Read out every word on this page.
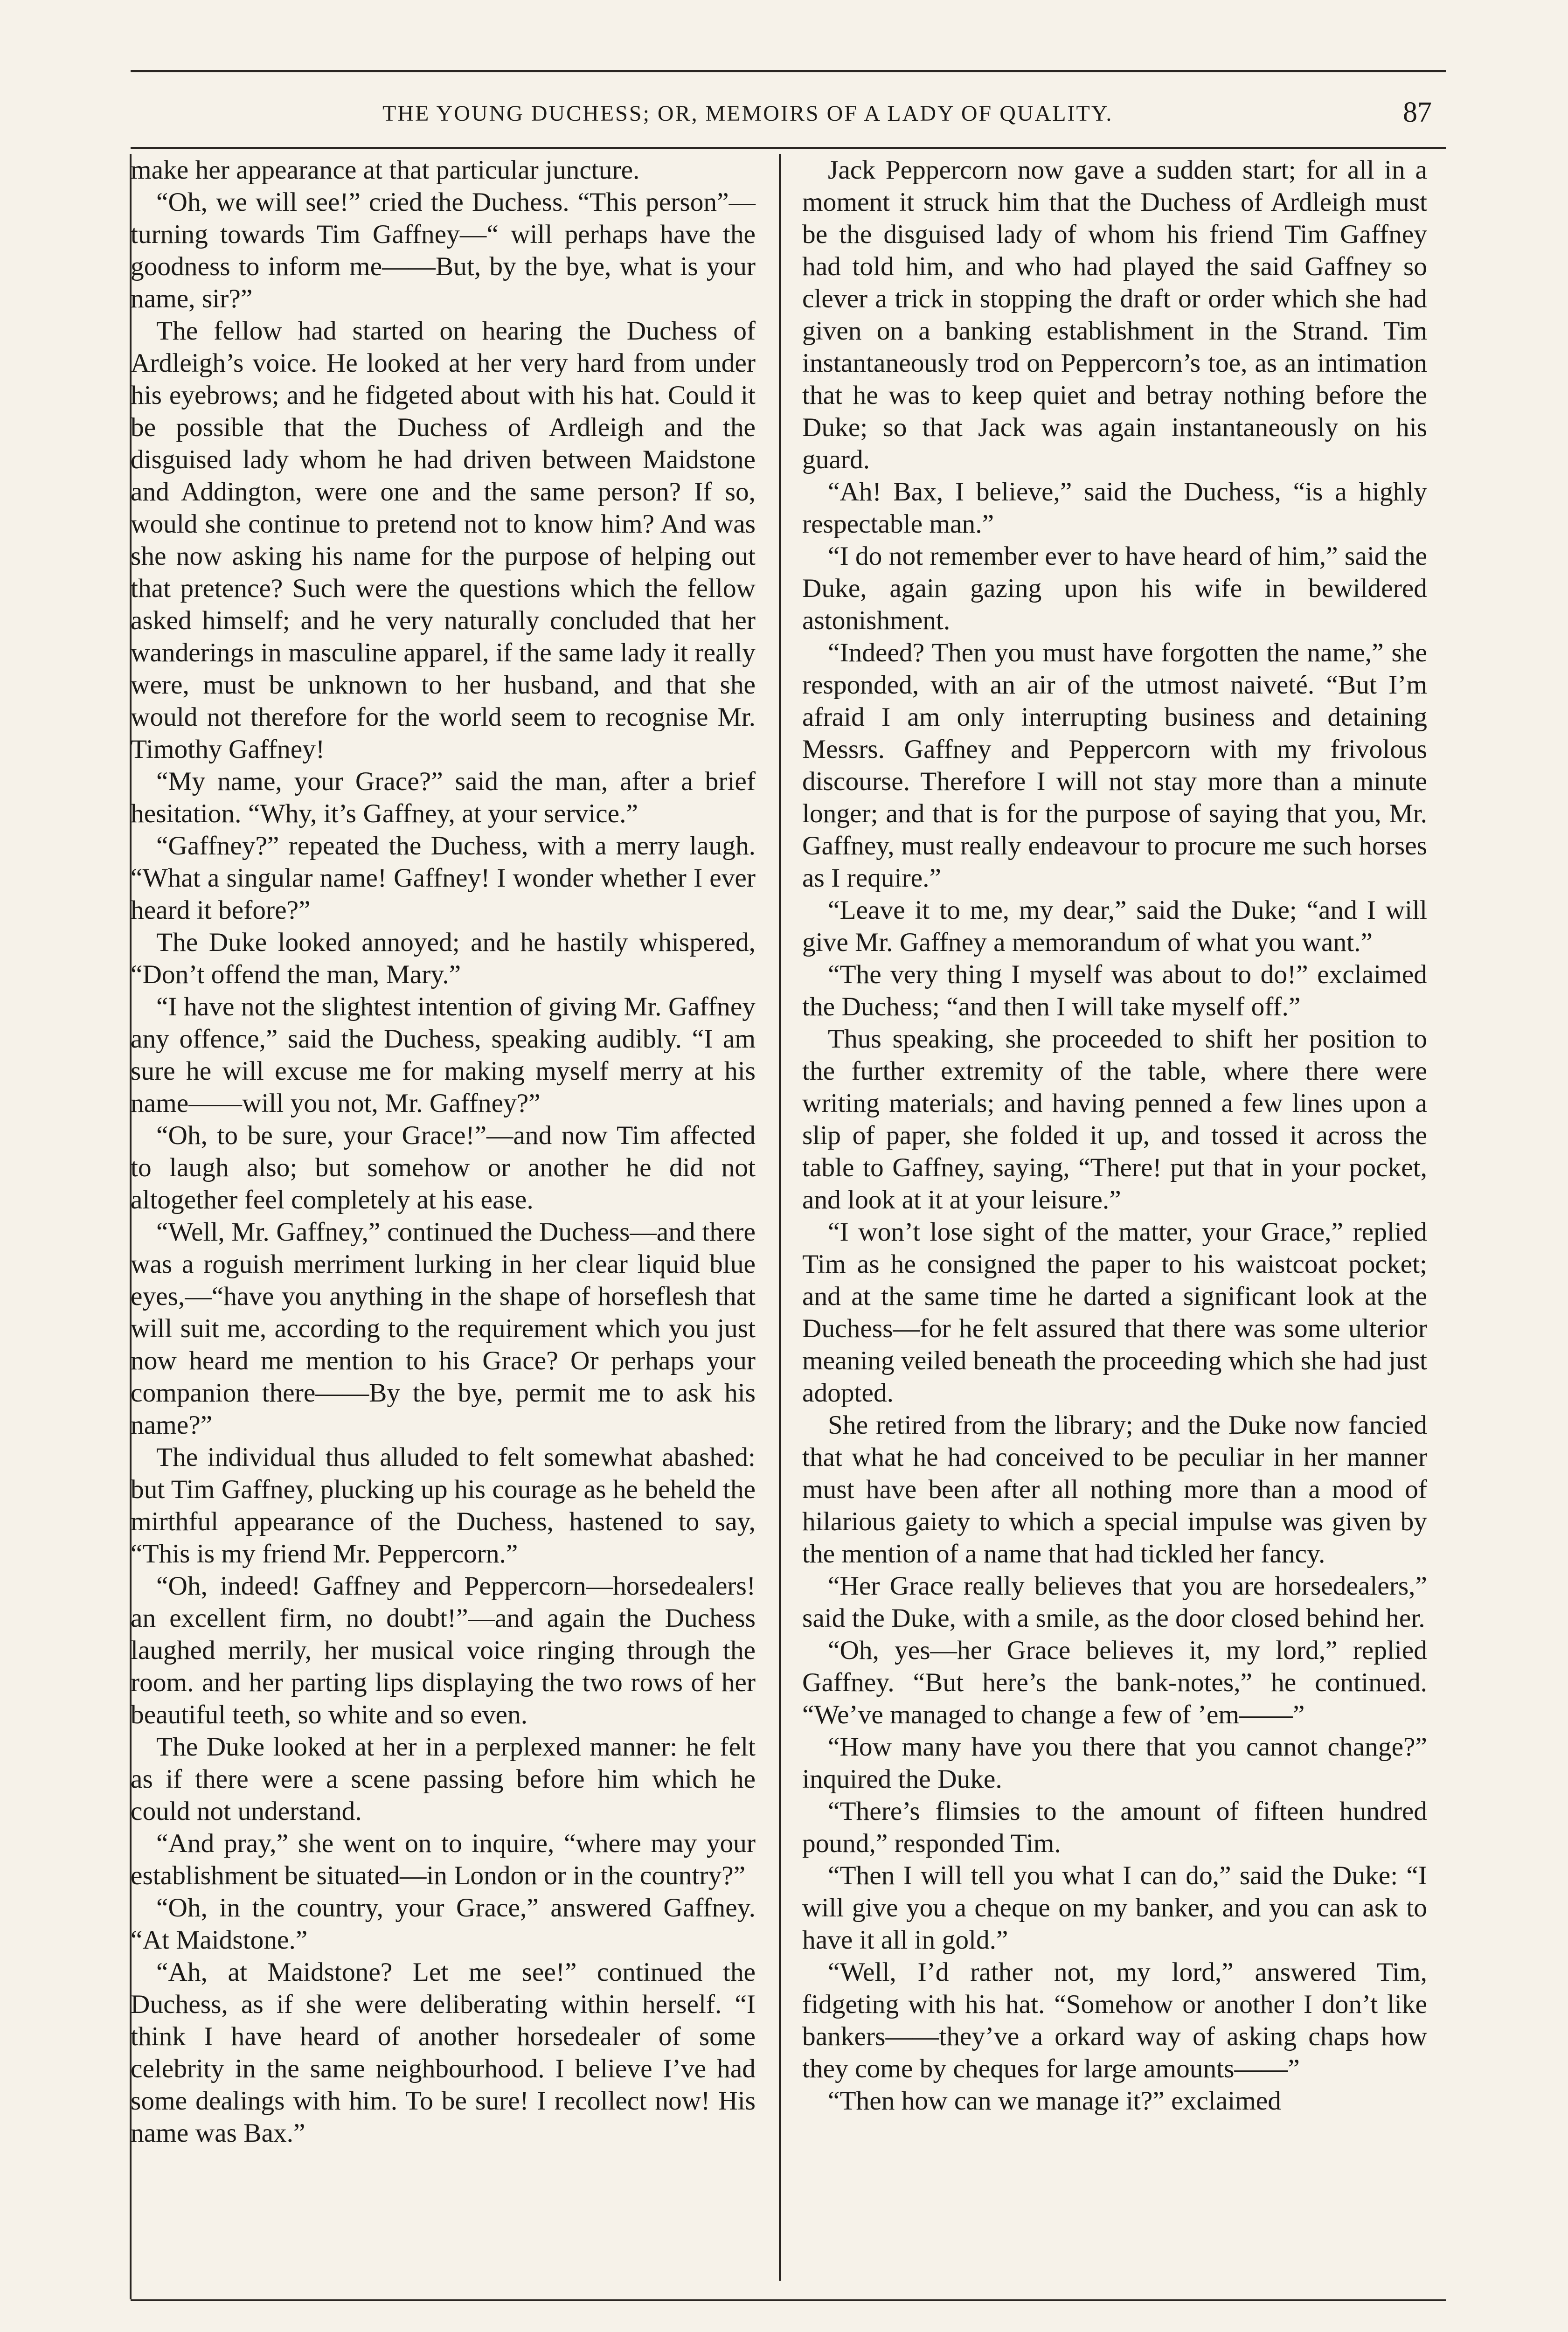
THE YOUNG DUCHESS; OR, MEMOIRS OF A LADY OF QUALITY.	87

make her appearance at that particular juncture.

“Oh, we will see!” cried the Duchess. “This person”—turning towards Tim Gaffney—“ will perhaps have the goodness to inform me——But, by the bye, what is your name, sir?”

The fellow had started on hearing the Duchess of Ardleigh’s voice. He looked at her very hard from under his eyebrows; and he fidgeted about with his hat. Could it be possible that the Duchess of Ardleigh and the disguised lady whom he had driven between Maidstone and Addington, were one and the same person? If so, would she continue to pretend not to know him? And was she now asking his name for the purpose of helping out that pretence? Such were the questions which the fellow asked himself; and he very naturally concluded that her wanderings in masculine apparel, if the same lady it really were, must be unknown to her husband, and that she would not therefore for the world seem to recognise Mr. Timothy Gaffney!

“My name, your Grace?” said the man, after a brief hesitation. “Why, it’s Gaffney, at your service.”

“Gaffney?” repeated the Duchess, with a merry laugh. “What a singular name! Gaffney! I wonder whether I ever heard it before?”

The Duke looked annoyed; and he hastily whispered, “Don’t offend the man, Mary.”

“I have not the slightest intention of giving Mr. Gaffney any offence,” said the Duchess, speaking audibly. “I am sure he will excuse me for making myself merry at his name——will you not, Mr. Gaffney?”

“Oh, to be sure, your Grace!”—and now Tim affected to laugh also; but somehow or another he did not altogether feel completely at his ease.

“Well, Mr. Gaffney,” continued the Duchess—and there was a roguish merriment lurking in her clear liquid blue eyes,—“have you anything in the shape of horseflesh that will suit me, according to the requirement which you just now heard me mention to his Grace? Or perhaps your companion there——By the bye, permit me to ask his name?”

The individual thus alluded to felt somewhat abashed: but Tim Gaffney, plucking up his courage as he beheld the mirthful appearance of the Duchess, hastened to say, “This is my friend Mr. Peppercorn.”

“Oh, indeed! Gaffney and Peppercorn—horsedealers! an excellent firm, no doubt!”—and again the Duchess laughed merrily, her musical voice ringing through the room. and her parting lips displaying the two rows of her beautiful teeth, so white and so even.

The Duke looked at her in a perplexed manner: he felt as if there were a scene passing before him which he could not understand.

“And pray,” she went on to inquire, “where may your establishment be situated—in London or in the country?”

“Oh, in the country, your Grace,” answered Gaffney. “At Maidstone.”

“Ah, at Maidstone? Let me see!” continued the Duchess, as if she were deliberating within herself. “I think I have heard of another horsedealer of some celebrity in the same neighbourhood. I believe I’ve had some dealings with him. To be sure! I recollect now! His name was Bax.”

Jack Peppercorn now gave a sudden start; for all in a moment it struck him that the Duchess of Ardleigh must be the disguised lady of whom his friend Tim Gaffney had told him, and who had played the said Gaffney so clever a trick in stopping the draft or order which she had given on a banking establishment in the Strand. Tim instantaneously trod on Peppercorn’s toe, as an intimation that he was to keep quiet and betray nothing before the Duke; so that Jack was again instantaneously on his guard.

“Ah! Bax, I believe,” said the Duchess, “is a highly respectable man.”

“I do not remember ever to have heard of him,” said the Duke, again gazing upon his wife in bewildered astonishment.

“Indeed? Then you must have forgotten the name,” she responded, with an air of the utmost naiveté. “But I’m afraid I am only interrupting business and detaining Messrs. Gaffney and Peppercorn with my frivolous discourse. Therefore I will not stay more than a minute longer; and that is for the purpose of saying that you, Mr. Gaffney, must really endeavour to procure me such horses as I require.”

“Leave it to me, my dear,” said the Duke; “and I will give Mr. Gaffney a memorandum of what you want.”

“The very thing I myself was about to do!” exclaimed the Duchess; “and then I will take myself off.”

Thus speaking, she proceeded to shift her position to the further extremity of the table, where there were writing materials; and having penned a few lines upon a slip of paper, she folded it up, and tossed it across the table to Gaffney, saying, “There! put that in your pocket, and look at it at your leisure.”

“I won’t lose sight of the matter, your Grace,” replied Tim as he consigned the paper to his waistcoat pocket; and at the same time he darted a significant look at the Duchess—for he felt assured that there was some ulterior meaning veiled beneath the proceeding which she had just adopted.

She retired from the library; and the Duke now fancied that what he had conceived to be peculiar in her manner must have been after all nothing more than a mood of hilarious gaiety to which a special impulse was given by the mention of a name that had tickled her fancy.

“Her Grace really believes that you are horsedealers,” said the Duke, with a smile, as the door closed behind her.

“Oh, yes—her Grace believes it, my lord,” replied Gaffney. “But here’s the bank-notes,” he continued. “We’ve managed to change a few of ’em——”

“How many have you there that you cannot change?” inquired the Duke.

“There’s flimsies to the amount of fifteen hundred pound,” responded Tim.

“Then I will tell you what I can do,” said the Duke: “I will give you a cheque on my banker, and you can ask to have it all in gold.”

“Well, I’d rather not, my lord,” answered Tim, fidgeting with his hat. “Somehow or another I don’t like bankers——they’ve a orkard way of asking chaps how they come by cheques for large amounts——”

“Then how can we manage it?” exclaimed
